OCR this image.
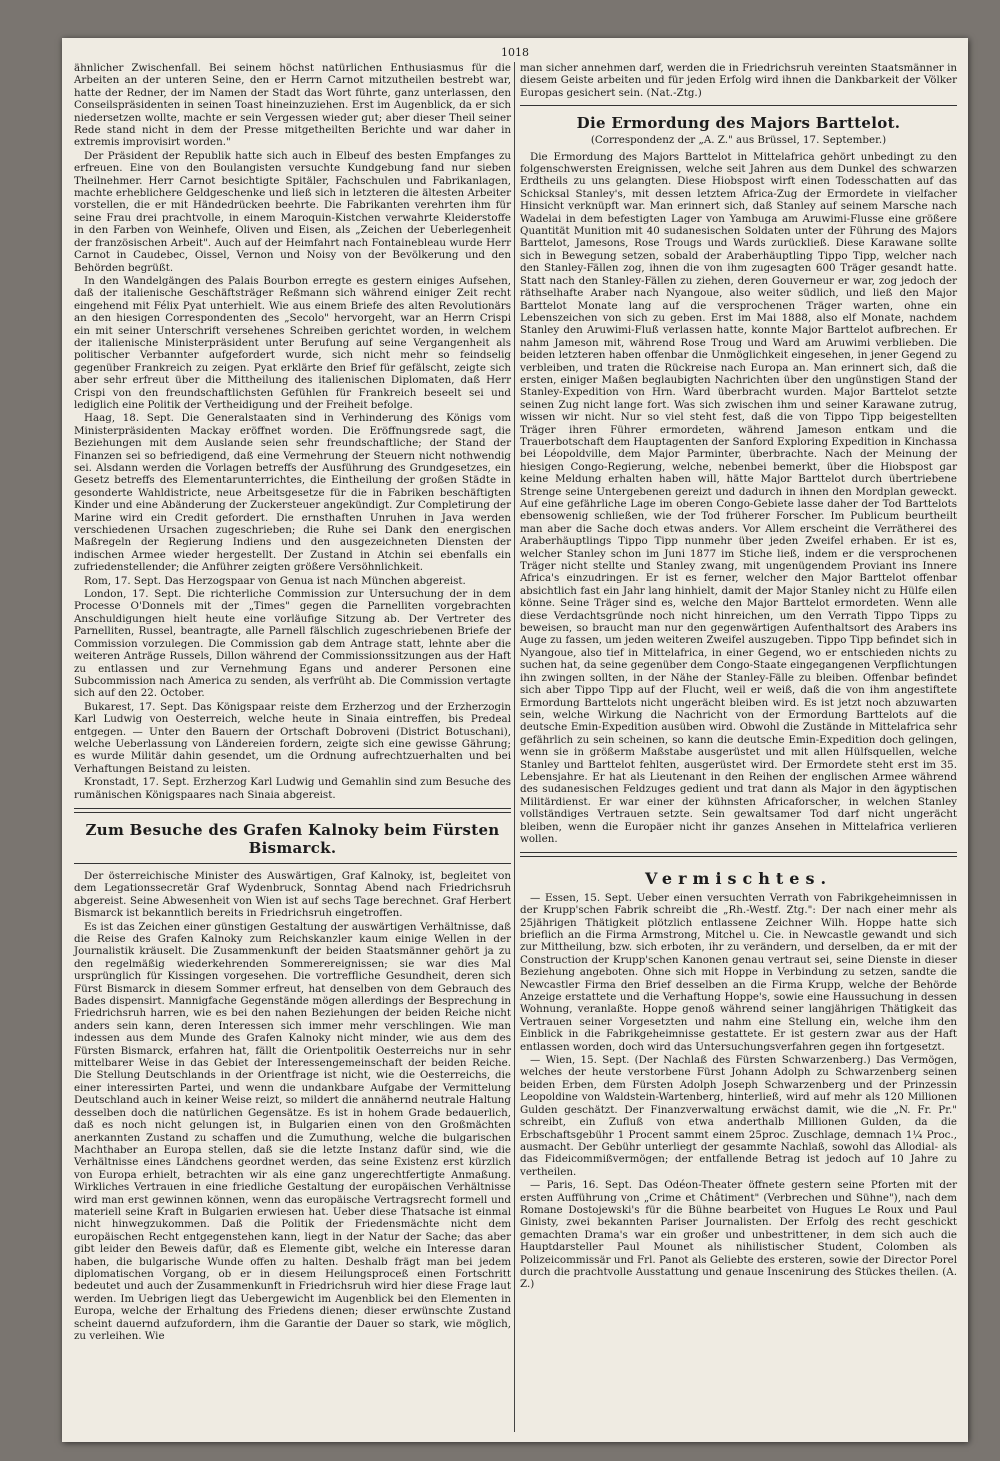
1018

ähnlicher Zwischenfall. Bei seinem höchst natürlichen Enthusiasmus für die Arbeiten an der unteren Seine, den er Herrn Carnot mitzutheilen bestrebt war, hatte der Redner, der im Namen der Stadt das Wort führte, ganz unterlassen, den Conseilspräsidenten in seinen Toast hineinzuziehen. Erst im Augenblick, da er sich niedersetzen wollte, machte er sein Vergessen wieder gut; aber dieser Theil seiner Rede stand nicht in dem der Presse mitgetheilten Berichte und war daher in extremis improvisirt worden."

Der Präsident der Republik hatte sich auch in Elbeuf des besten Empfanges zu erfreuen. Eine von den Boulangisten versuchte Kundgebung fand nur sieben Theilnehmer. Herr Carnot besichtigte Spitäler, Fachschulen und Fabrikanlagen, machte erheblichere Geldgeschenke und ließ sich in letzteren die ältesten Arbeiter vorstellen, die er mit Händedrücken beehrte. Die Fabrikanten verehrten ihm für seine Frau drei prachtvolle, in einem Maroquin-Kistchen verwahrte Kleiderstoffe in den Farben von Weinhefe, Oliven und Eisen, als „Zeichen der Ueberlegenheit der französischen Arbeit". Auch auf der Heimfahrt nach Fontainebleau wurde Herr Carnot in Caudebec, Oissel, Vernon und Noisy von der Bevölkerung und den Behörden begrüßt.

In den Wandelgängen des Palais Bourbon erregte es gestern einiges Aufsehen, daß der italienische Geschäftsträger Reßmann sich während einiger Zeit recht eingehend mit Félix Pyat unterhielt. Wie aus einem Briefe des alten Revolutionärs an den hiesigen Correspondenten des „Secolo" hervorgeht, war an Herrn Crispi ein mit seiner Unterschrift versehenes Schreiben gerichtet worden, in welchem der italienische Ministerpräsident unter Berufung auf seine Vergangenheit als politischer Verbannter aufgefordert wurde, sich nicht mehr so feindselig gegenüber Frankreich zu zeigen. Pyat erklärte den Brief für gefälscht, zeigte sich aber sehr erfreut über die Mittheilung des italienischen Diplomaten, daß Herr Crispi von den freundschaftlichsten Gefühlen für Frankreich beseelt sei und lediglich eine Politik der Vertheidigung und der Freiheit befolge.

Haag, 18. Sept. Die Generalstaaten sind in Verhinderung des Königs vom Ministerpräsidenten Mackay eröffnet worden. Die Eröffnungsrede sagt, die Beziehungen mit dem Auslande seien sehr freundschaftliche; der Stand der Finanzen sei so befriedigend, daß eine Vermehrung der Steuern nicht nothwendig sei. Alsdann werden die Vorlagen betreffs der Ausführung des Grundgesetzes, ein Gesetz betreffs des Elementarunterrichtes, die Eintheilung der großen Städte in gesonderte Wahldistricte, neue Arbeitsgesetze für die in Fabriken beschäftigten Kinder und eine Abänderung der Zuckersteuer angekündigt. Zur Completirung der Marine wird ein Credit gefordert. Die ernsthaften Unruhen in Java werden verschiedenen Ursachen zugeschrieben; die Ruhe sei Dank den energischen Maßregeln der Regierung Indiens und den ausgezeichneten Diensten der indischen Armee wieder hergestellt. Der Zustand in Atchin sei ebenfalls ein zufriedenstellender; die Anführer zeigten größere Versöhnlichkeit.

Rom, 17. Sept. Das Herzogspaar von Genua ist nach München abgereist.

London, 17. Sept. Die richterliche Commission zur Untersuchung der in dem Processe O'Donnels mit der „Times" gegen die Parnelliten vorgebrachten Anschuldigungen hielt heute eine vorläufige Sitzung ab. Der Vertreter des Parnelliten, Russel, beantragte, alle Parnell fälschlich zugeschriebenen Briefe der Commission vorzulegen. Die Commission gab dem Antrage statt, lehnte aber die weiteren Anträge Russels, Dillon während der Commissionssitzungen aus der Haft zu entlassen und zur Vernehmung Egans und anderer Personen eine Subcommission nach America zu senden, als verfrüht ab. Die Commission vertagte sich auf den 22. October.

Bukarest, 17. Sept. Das Königspaar reiste dem Erzherzog und der Erzherzogin Karl Ludwig von Oesterreich, welche heute in Sinaia eintreffen, bis Predeal entgegen. — Unter den Bauern der Ortschaft Dobroveni (District Botuschani), welche Ueberlassung von Ländereien fordern, zeigte sich eine gewisse Gährung; es wurde Militär dahin gesendet, um die Ordnung aufrechtzuerhalten und bei Verhaftungen Beistand zu leisten.

Kronstadt, 17. Sept. Erzherzog Karl Ludwig und Gemahlin sind zum Besuche des rumänischen Königspaares nach Sinaia abgereist.

Zum Besuche des Grafen Kalnoky beim Fürsten Bismarck.

Der österreichische Minister des Auswärtigen, Graf Kalnoky, ist, begleitet von dem Legationssecretär Graf Wydenbruck, Sonntag Abend nach Friedrichsruh abgereist. Seine Abwesenheit von Wien ist auf sechs Tage berechnet. Graf Herbert Bismarck ist bekanntlich bereits in Friedrichsruh eingetroffen.

Es ist das Zeichen einer günstigen Gestaltung der auswärtigen Verhältnisse, daß die Reise des Grafen Kalnoky zum Reichskanzler kaum einige Wellen in der Journalistik kräuselt. Die Zusammenkunft der beiden Staatsmänner gehört ja zu den regelmäßig wiederkehrenden Sommerereignissen; sie war dies Mal ursprünglich für Kissingen vorgesehen. Die vortreffliche Gesundheit, deren sich Fürst Bismarck in diesem Sommer erfreut, hat denselben von dem Gebrauch des Bades dispensirt. Mannigfache Gegenstände mögen allerdings der Besprechung in Friedrichsruh harren, wie es bei den nahen Beziehungen der beiden Reiche nicht anders sein kann, deren Interessen sich immer mehr verschlingen. Wie man indessen aus dem Munde des Grafen Kalnoky nicht minder, wie aus dem des Fürsten Bismarck, erfahren hat, fällt die Orientpolitik Oesterreichs nur in sehr mittelbarer Weise in das Gebiet der Interessengemeinschaft der beiden Reiche. Die Stellung Deutschlands in der Orientfrage ist nicht, wie die Oesterreichs, die einer interessirten Partei, und wenn die undankbare Aufgabe der Vermittelung Deutschland auch in keiner Weise reizt, so mildert die annähernd neutrale Haltung desselben doch die natürlichen Gegensätze. Es ist in hohem Grade bedauerlich, daß es noch nicht gelungen ist, in Bulgarien einen von den Großmächten anerkannten Zustand zu schaffen und die Zumuthung, welche die bulgarischen Machthaber an Europa stellen, daß sie die letzte Instanz dafür sind, wie die Verhältnisse eines Ländchens geordnet werden, das seine Existenz erst kürzlich von Europa erhielt, betrachten wir als eine ganz ungerechtfertigte Anmaßung. Wirkliches Vertrauen in eine friedliche Gestaltung der europäischen Verhältnisse wird man erst gewinnen können, wenn das europäische Vertragsrecht formell und materiell seine Kraft in Bulgarien erwiesen hat. Ueber diese Thatsache ist einmal nicht hinwegzukommen. Daß die Politik der Friedensmächte nicht dem europäischen Recht entgegenstehen kann, liegt in der Natur der Sache; das aber gibt leider den Beweis dafür, daß es Elemente gibt, welche ein Interesse daran haben, die bulgarische Wunde offen zu halten. Deshalb frägt man bei jedem diplomatischen Vorgang, ob er in diesem Heilungsproceß einen Fortschritt bedeutet und auch der Zusammenkunft in Friedrichsruh wird hier diese Frage laut werden. Im Uebrigen liegt das Uebergewicht im Augenblick bei den Elementen in Europa, welche der Erhaltung des Friedens dienen; dieser erwünschte Zustand scheint dauernd aufzufordern, ihm die Garantie der Dauer so stark, wie möglich, zu verleihen. Wie

man sicher annehmen darf, werden die in Friedrichsruh vereinten Staatsmänner in diesem Geiste arbeiten und für jeden Erfolg wird ihnen die Dankbarkeit der Völker Europas gesichert sein. (Nat.-Ztg.)

Die Ermordung des Majors Barttelot.
(Correspondenz der „A. Z." aus Brüssel, 17. September.)

Die Ermordung des Majors Barttelot in Mittelafrica gehört unbedingt zu den folgenschwersten Ereignissen, welche seit Jahren aus dem Dunkel des schwarzen Erdtheils zu uns gelangten. Diese Hiobspost wirft einen Todesschatten auf das Schicksal Stanley's, mit dessen letztem Africa-Zug der Ermordete in vielfacher Hinsicht verknüpft war. Man erinnert sich, daß Stanley auf seinem Marsche nach Wadelai in dem befestigten Lager von Yambuga am Aruwimi-Flusse eine größere Quantität Munition mit 40 sudanesischen Soldaten unter der Führung des Majors Barttelot, Jamesons, Rose Trougs und Wards zurückließ. Diese Karawane sollte sich in Bewegung setzen, sobald der Araberhäuptling Tippo Tipp, welcher nach den Stanley-Fällen zog, ihnen die von ihm zugesagten 600 Träger gesandt hatte. Statt nach den Stanley-Fällen zu ziehen, deren Gouverneur er war, zog jedoch der räthselhafte Araber nach Nyangoue, also weiter südlich, und ließ den Major Barttelot Monate lang auf die versprochenen Träger warten, ohne ein Lebenszeichen von sich zu geben. Erst im Mai 1888, also elf Monate, nachdem Stanley den Aruwimi-Fluß verlassen hatte, konnte Major Barttelot aufbrechen. Er nahm Jameson mit, während Rose Troug und Ward am Aruwimi verblieben. Die beiden letzteren haben offenbar die Unmöglichkeit eingesehen, in jener Gegend zu verbleiben, und traten die Rückreise nach Europa an. Man erinnert sich, daß die ersten, einiger Maßen beglaubigten Nachrichten über den ungünstigen Stand der Stanley-Expedition von Hrn. Ward überbracht wurden. Major Barttelot setzte seinen Zug nicht lange fort. Was sich zwischen ihm und seiner Karawane zutrug, wissen wir nicht. Nur so viel steht fest, daß die von Tippo Tipp beigestellten Träger ihren Führer ermordeten, während Jameson entkam und die Trauerbotschaft dem Hauptagenten der Sanford Exploring Expedition in Kinchassa bei Léopoldville, dem Major Parminter, überbrachte. Nach der Meinung der hiesigen Congo-Regierung, welche, nebenbei bemerkt, über die Hiobspost gar keine Meldung erhalten haben will, hätte Major Barttelot durch übertriebene Strenge seine Untergebenen gereizt und dadurch in ihnen den Mordplan geweckt. Auf eine gefährliche Lage im oberen Congo-Gebiete lasse daher der Tod Barttelots ebensowenig schließen, wie der Tod früherer Forscher. Im Publicum beurtheilt man aber die Sache doch etwas anders. Vor Allem erscheint die Verrätherei des Araberhäuptlings Tippo Tipp nunmehr über jeden Zweifel erhaben. Er ist es, welcher Stanley schon im Juni 1877 im Stiche ließ, indem er die versprochenen Träger nicht stellte und Stanley zwang, mit ungenügendem Proviant ins Innere Africa's einzudringen. Er ist es ferner, welcher den Major Barttelot offenbar absichtlich fast ein Jahr lang hinhielt, damit der Major Stanley nicht zu Hülfe eilen könne. Seine Träger sind es, welche den Major Barttelot ermordeten. Wenn alle diese Verdachtsgründe noch nicht hinreichen, um den Verrath Tippo Tipps zu beweisen, so braucht man nur den gegenwärtigen Aufenthaltsort des Arabers ins Auge zu fassen, um jeden weiteren Zweifel auszugeben. Tippo Tipp befindet sich in Nyangoue, also tief in Mittelafrica, in einer Gegend, wo er entschieden nichts zu suchen hat, da seine gegenüber dem Congo-Staate eingegangenen Verpflichtungen ihn zwingen sollten, in der Nähe der Stanley-Fälle zu bleiben. Offenbar befindet sich aber Tippo Tipp auf der Flucht, weil er weiß, daß die von ihm angestiftete Ermordung Barttelots nicht ungerächt bleiben wird. Es ist jetzt noch abzuwarten sein, welche Wirkung die Nachricht von der Ermordung Barttelots auf die deutsche Emin-Expedition ausüben wird. Obwohl die Zustände in Mittelafrica sehr gefährlich zu sein scheinen, so kann die deutsche Emin-Expedition doch gelingen, wenn sie in größerm Maßstabe ausgerüstet und mit allen Hülfsquellen, welche Stanley und Barttelot fehlten, ausgerüstet wird. Der Ermordete steht erst im 35. Lebensjahre. Er hat als Lieutenant in den Reihen der englischen Armee während des sudanesischen Feldzuges gedient und trat dann als Major in den ägyptischen Militärdienst. Er war einer der kühnsten Africaforscher, in welchen Stanley vollständiges Vertrauen setzte. Sein gewaltsamer Tod darf nicht ungerächt bleiben, wenn die Europäer nicht ihr ganzes Ansehen in Mittelafrica verlieren wollen.

Vermischtes.

— Essen, 15. Sept. Ueber einen versuchten Verrath von Fabrikgeheimnissen in der Krupp'schen Fabrik schreibt die „Rh.-Westf. Ztg.": Der nach einer mehr als 25jährigen Thätigkeit plötzlich entlassene Zeichner Wilh. Hoppe hatte sich brieflich an die Firma Armstrong, Mitchel u. Cie. in Newcastle gewandt und sich zur Mittheilung, bzw. sich erboten, ihr zu verändern, und derselben, da er mit der Construction der Krupp'schen Kanonen genau vertraut sei, seine Dienste in dieser Beziehung angeboten. Ohne sich mit Hoppe in Verbindung zu setzen, sandte die Newcastler Firma den Brief desselben an die Firma Krupp, welche der Behörde Anzeige erstattete und die Verhaftung Hoppe's, sowie eine Haussuchung in dessen Wohnung, veranlaßte. Hoppe genoß während seiner langjährigen Thätigkeit das Vertrauen seiner Vorgesetzten und nahm eine Stellung ein, welche ihm den Einblick in die Fabrikgeheimnisse gestattete. Er ist gestern zwar aus der Haft entlassen worden, doch wird das Untersuchungsverfahren gegen ihn fortgesetzt.

— Wien, 15. Sept. (Der Nachlaß des Fürsten Schwarzenberg.) Das Vermögen, welches der heute verstorbene Fürst Johann Adolph zu Schwarzenberg seinen beiden Erben, dem Fürsten Adolph Joseph Schwarzenberg und der Prinzessin Leopoldine von Waldstein-Wartenberg, hinterließ, wird auf mehr als 120 Millionen Gulden geschätzt. Der Finanzverwaltung erwächst damit, wie die „N. Fr. Pr." schreibt, ein Zufluß von etwa anderthalb Millionen Gulden, da die Erbschaftsgebühr 1 Procent sammt einem 25proc. Zuschlage, demnach 1¼ Proc., ausmacht. Der Gebühr unterliegt der gesammte Nachlaß, sowohl das Allodial- als das Fideicommißvermögen; der entfallende Betrag ist jedoch auf 10 Jahre zu vertheilen.

— Paris, 16. Sept. Das Odéon-Theater öffnete gestern seine Pforten mit der ersten Aufführung von „Crime et Châtiment" (Verbrechen und Sühne"), nach dem Romane Dostojewski's für die Bühne bearbeitet von Hugues Le Roux und Paul Ginisty, zwei bekannten Pariser Journalisten. Der Erfolg des recht geschickt gemachten Drama's war ein großer und unbestrittener, in dem sich auch die Hauptdarsteller Paul Mounet als nihilistischer Student, Colomben als Polizeicommissär und Frl. Panot als Geliebte des ersteren, sowie der Director Porel durch die prachtvolle Ausstattung und genaue Inscenirung des Stückes theilen. (A. Z.)
